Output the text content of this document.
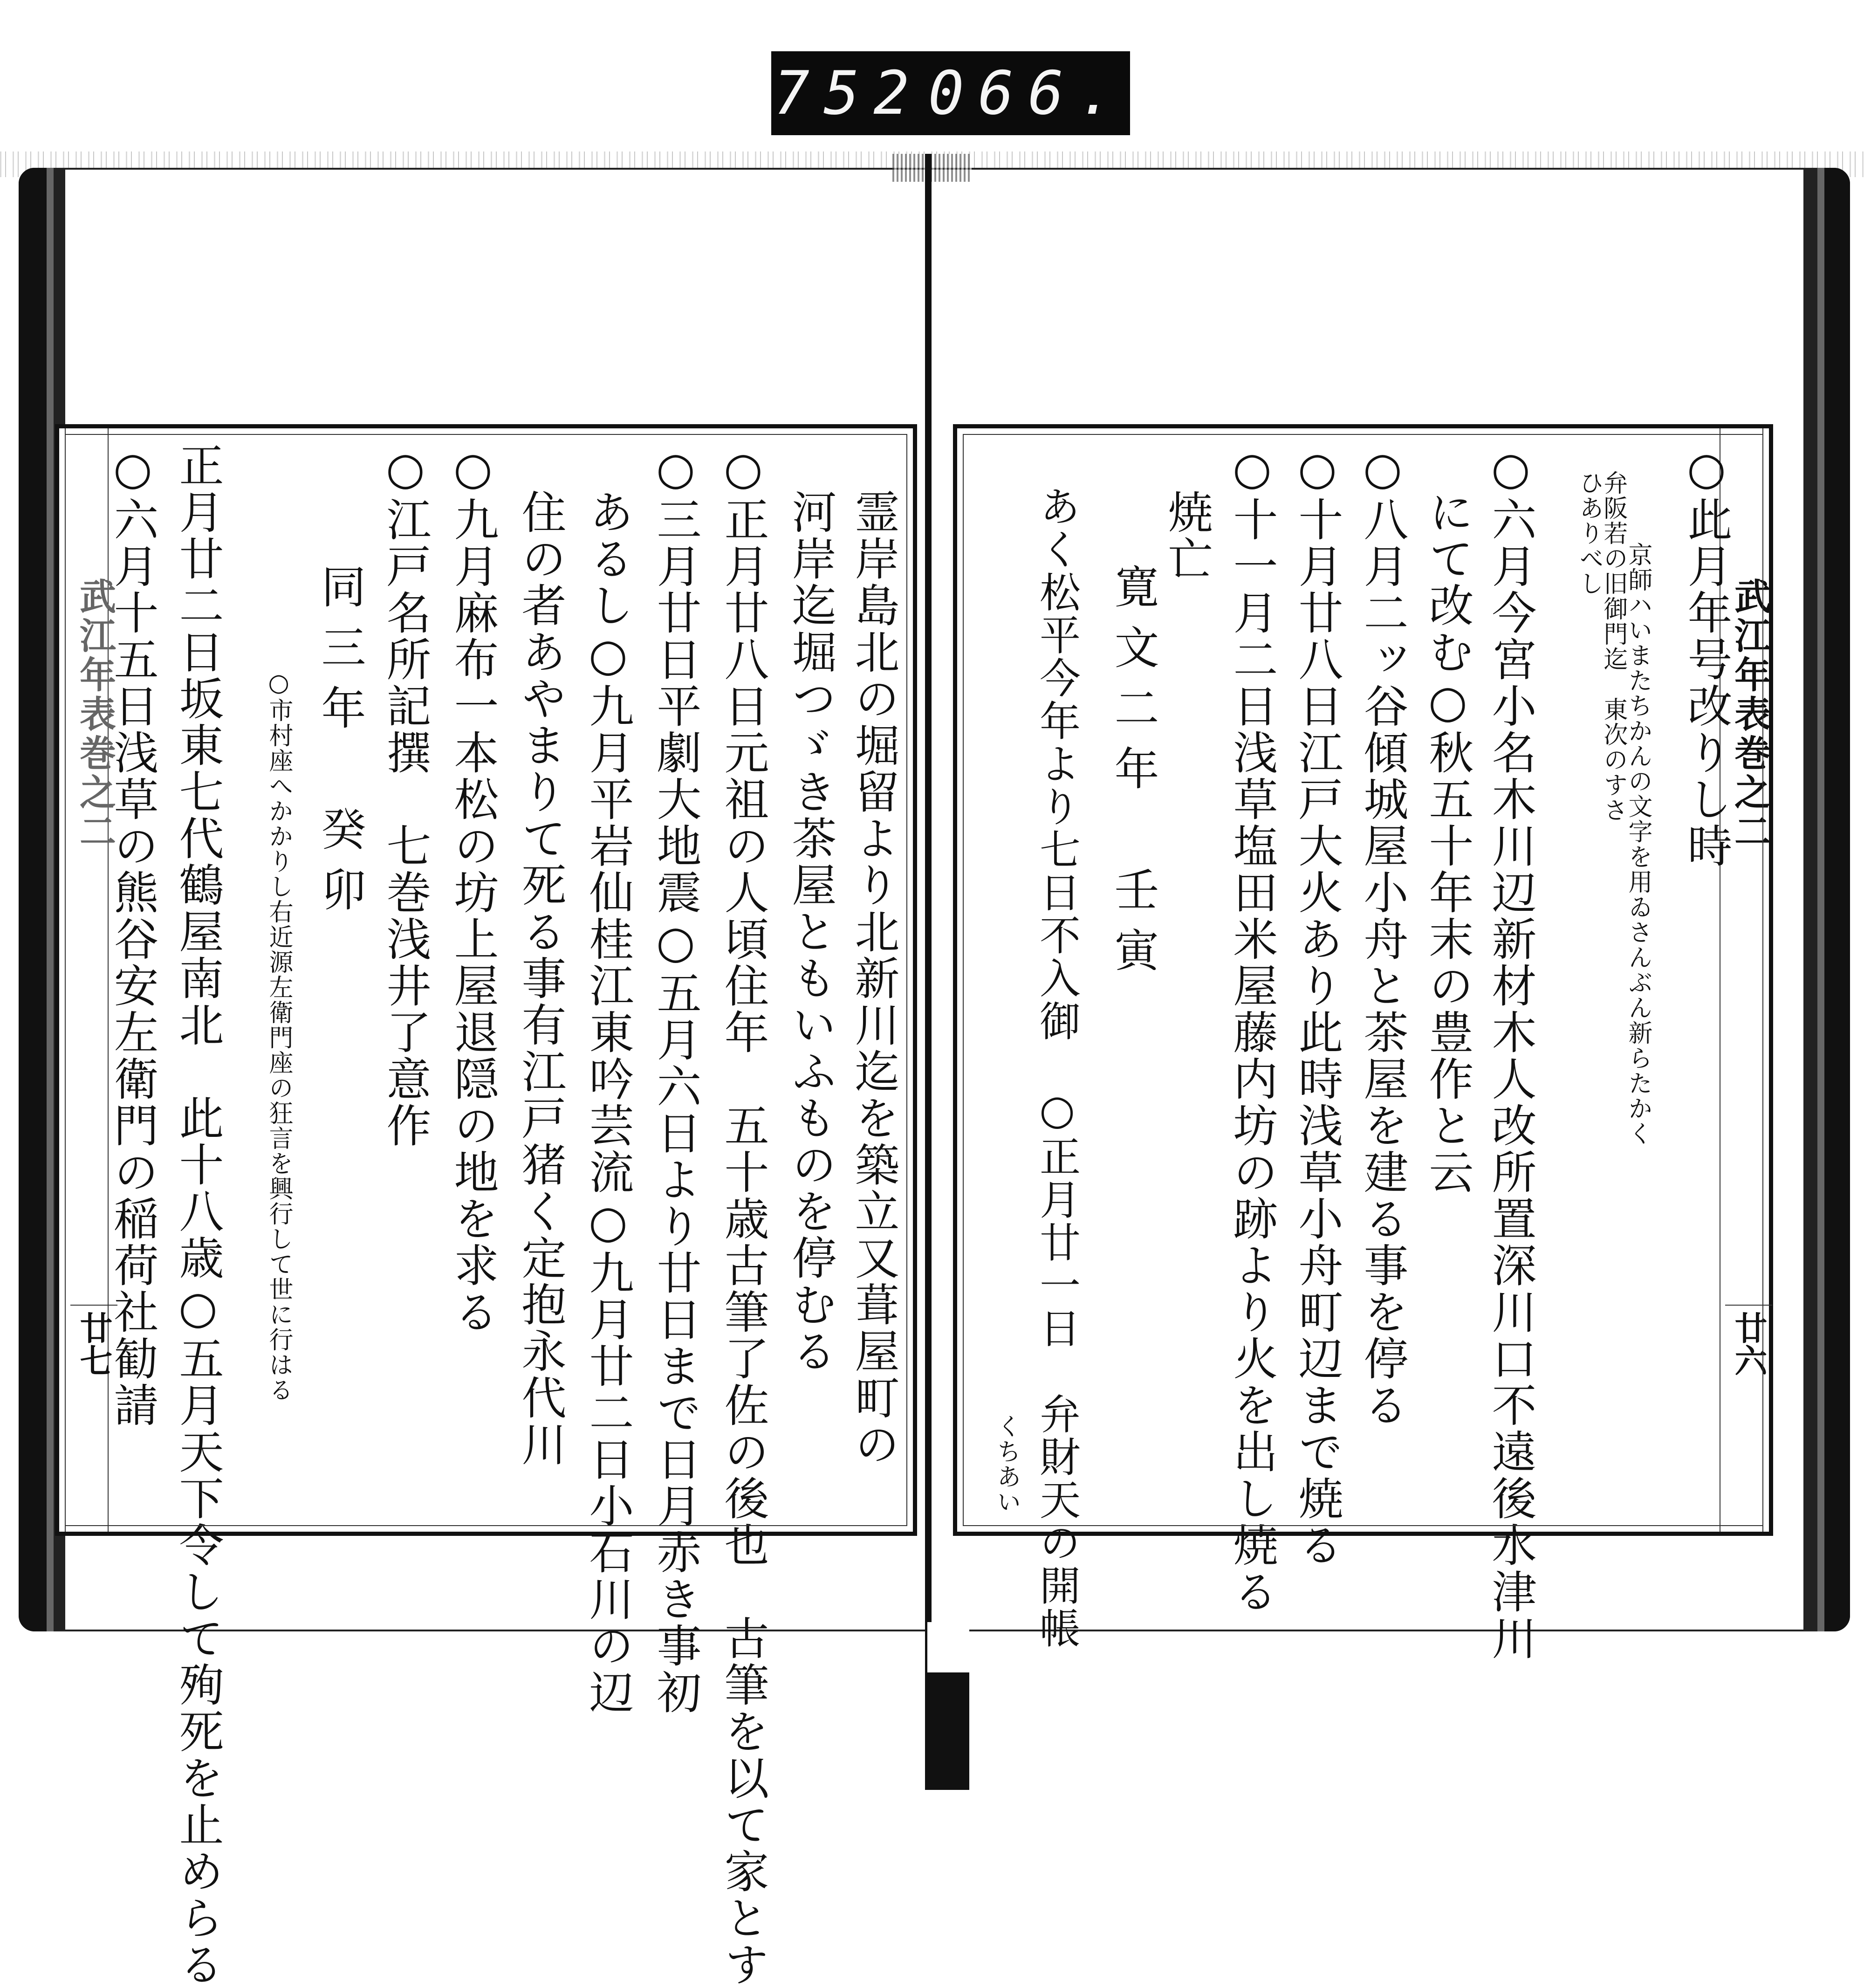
752 066.
武江年表巻之二
廿七	　霊岸島北の堀留より北新川迄を築立又葺屋町の
　河岸迄堀つゞき茶屋ともいふものを停むる
○正月廿八日元祖の人頃住年　五十歳古筆了佐の後也　古筆を以て家とす
○三月廿日平劇大地震○五月六日より廿日まで日月赤き事初
　あるし○九月平岩仙桂江東吟芸流○九月廿二日小石川の辺
　住の者あやまりて死る事有江戸猪く定抱永代川
○九月麻布一本松の坊上屋退隠の地を求る
○江戸名所記撰　七巻浅井了意作
　　同三年　癸卯
　　　　○市村座へかかりし右近源左衛門座の狂言を興行して世に行はる
正月廿二日坂東七代鶴屋南北　此十八歳○五月天下令して殉死を止めらる
○六月十五日浅草の熊谷安左衛門の稲荷社勧請	武江年表巻之二
廿六
○此月年号改りし時
　京師ハいまたちかんの文字を用ゐさんぶん新らたかく
弁阪若の旧御門迄　東次のすさひありべし
○六月今宮小名木川辺新材木人改所置深川口不遠後水津川
　にて改む○秋五十年末の豊作と云
○八月二ッ谷傾城屋小舟と茶屋を建る事を停る
○十月廿八日江戸大火あり此時浅草小舟町辺まで焼る
○十一月二日浅草塩田米屋藤内坊の跡より火を出し焼る
　焼亡
　　寛文二年　壬寅
　あく松平今年より七日不入御　○正月廿一日　弁財天の開帳
　くちあい
